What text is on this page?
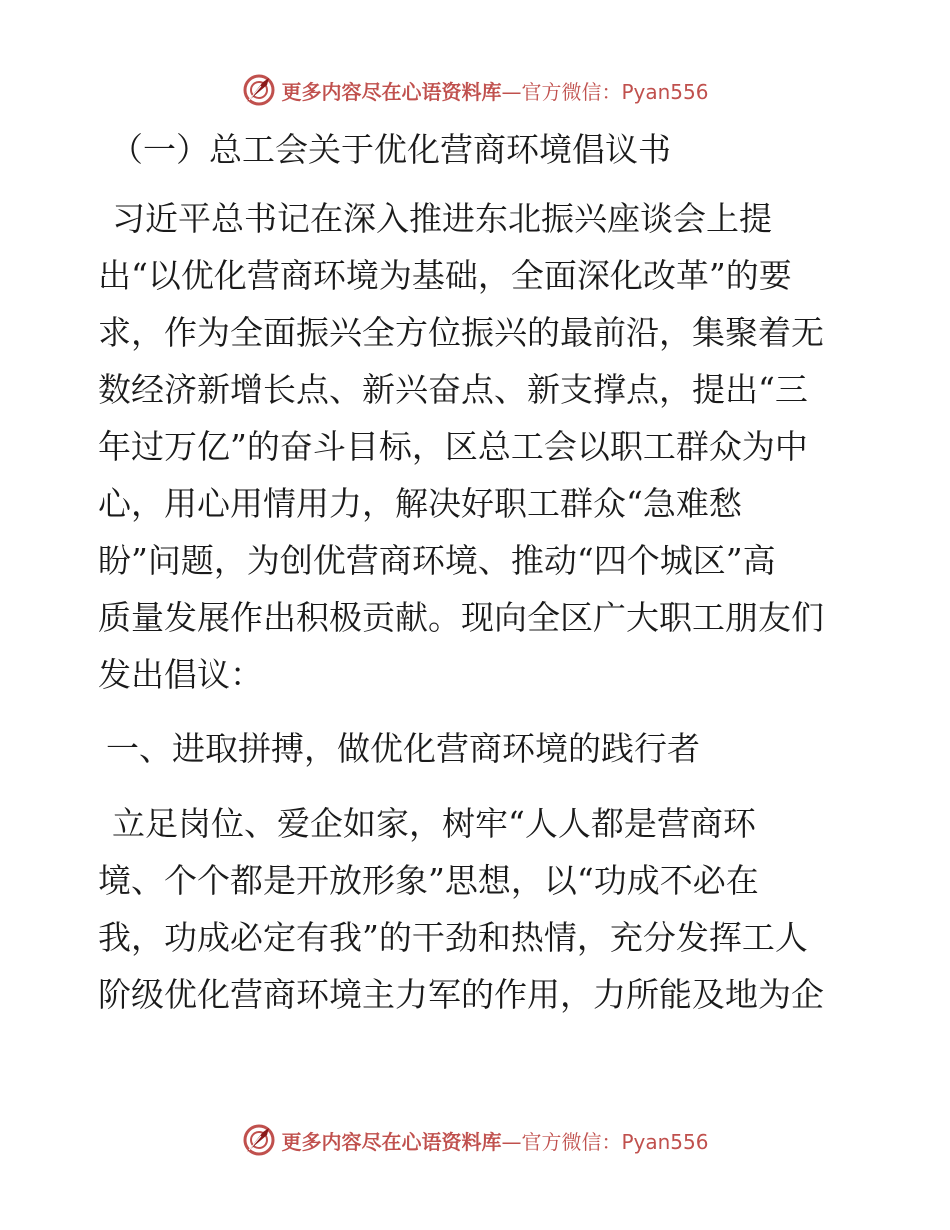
更多内容尽在心语资料库—官方微信：Pyan556
（一）总工会关于优化营商环境倡议书
习近平总书记在深入推进东北振兴座谈会上提
出“以优化营商环境为基础，全面深化改革”的要
求，作为全面振兴全方位振兴的最前沿，集聚着无
数经济新增长点、新兴奋点、新支撑点，提出“三
年过万亿”的奋斗目标，区总工会以职工群众为中
心，用心用情用力，解决好职工群众“急难愁
盼”问题，为创优营商环境、推动“四个城区”高
质量发展作出积极贡献。现向全区广大职工朋友们
发出倡议：
一、进取拼搏，做优化营商环境的践行者
立足岗位、爱企如家，树牢“人人都是营商环
境、个个都是开放形象”思想，以“功成不必在
我，功成必定有我”的干劲和热情，充分发挥工人
阶级优化营商环境主力军的作用，力所能及地为企
更多内容尽在心语资料库—官方微信：Pyan556
